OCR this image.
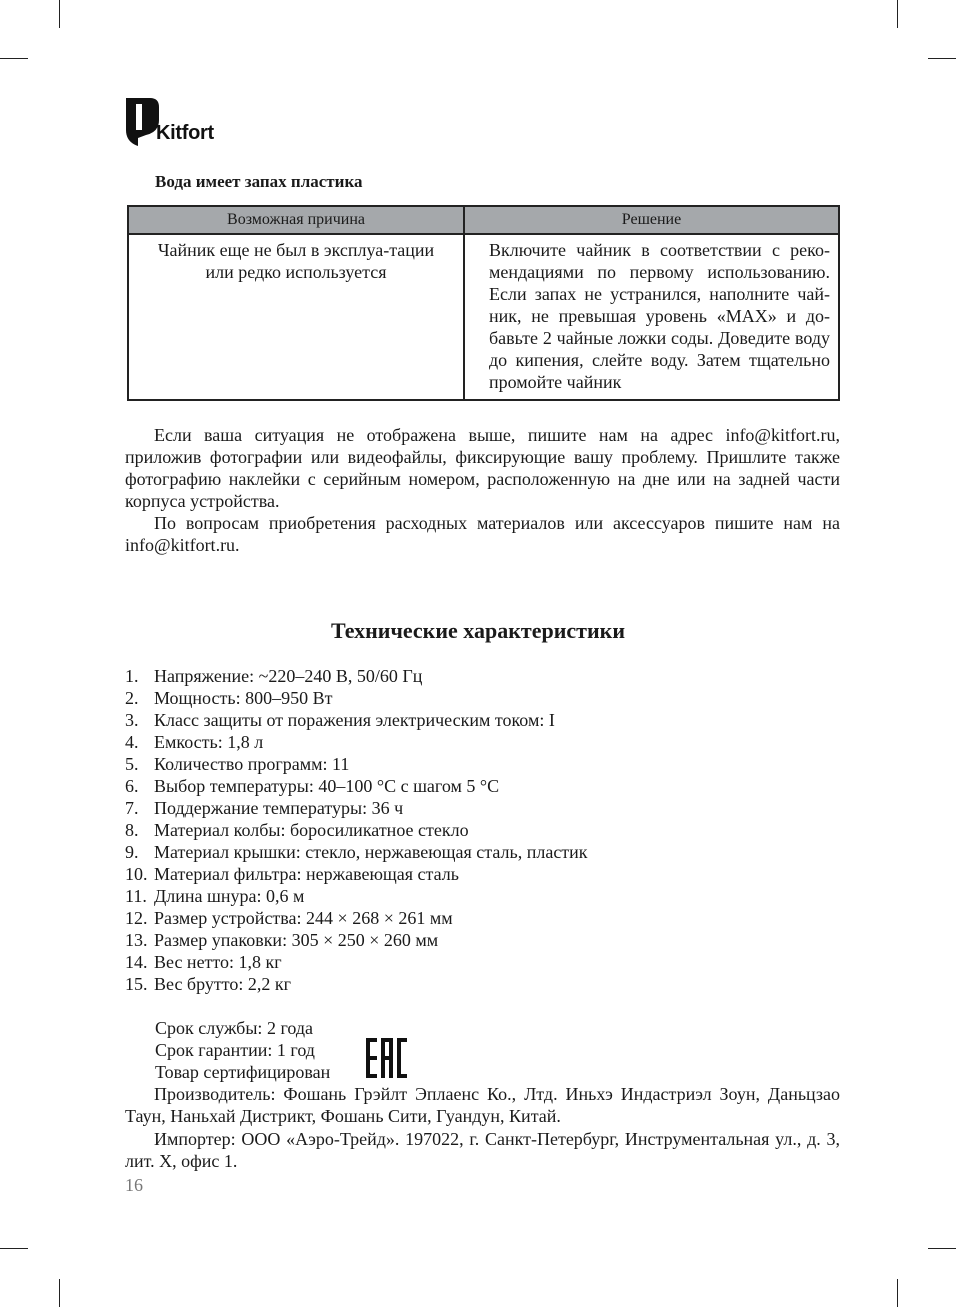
Kitfort
Вода имеет запах пластика
Возможная причина	Решение
Чайник еще не был в эксплуа-тации или редко используется	Включите чайник в соответствии с реко-мендациями по первому использованию. Если запах не устранился, наполните чай-ник, не превышая уровень «MAX» и до-бавьте 2 чайные ложки соды. Доведите воду до кипения, слейте воду. Затем тщательно промойте чайник

Если ваша ситуация не отображена выше, пишите нам на адрес info@kitfort.ru, приложив фотографии или видеофайлы, фиксирующие вашу проблему. Пришлите также фотографию наклейки с серийным номером, расположенную на дне или на задней части корпуса устройства.

По вопросам приобретения расходных материалов или аксессуаров пишите нам на info@kitfort.ru.

Технические характеристики
1. Напряжение: ~220–240 В, 50/60 Гц
2. Мощность: 800–950 Вт
3. Класс защиты от поражения электрическим током: I
4. Емкость: 1,8 л
5. Количество программ: 11
6. Выбор температуры: 40–100 °C с шагом 5 °C
7. Поддержание температуры: 36 ч
8. Материал колбы: боросиликатное стекло
9. Материал крышки: стекло, нержавеющая сталь, пластик
10. Материал фильтра: нержавеющая сталь
11. Длина шнура: 0,6 м
12. Размер устройства: 244 × 268 × 261 мм
13. Размер упаковки: 305 × 250 × 260 мм
14. Вес нетто: 1,8 кг
15. Вес брутто: 2,2 кг
Срок службы: 2 года
Срок гарантии: 1 год
Товар сертифицирован

Производитель: Фошань Грэйлт Эплаенс Ко., Лтд. Иньхэ Индастриэл Зоун, Даньцзао Таун, Наньхай Дистрикт, Фошань Сити, Гуандун, Китай.

Импортер: ООО «Аэро-Трейд». 197022, г. Санкт-Петербург, Инструментальная ул., д. 3, лит. Х, офис 1.

16
